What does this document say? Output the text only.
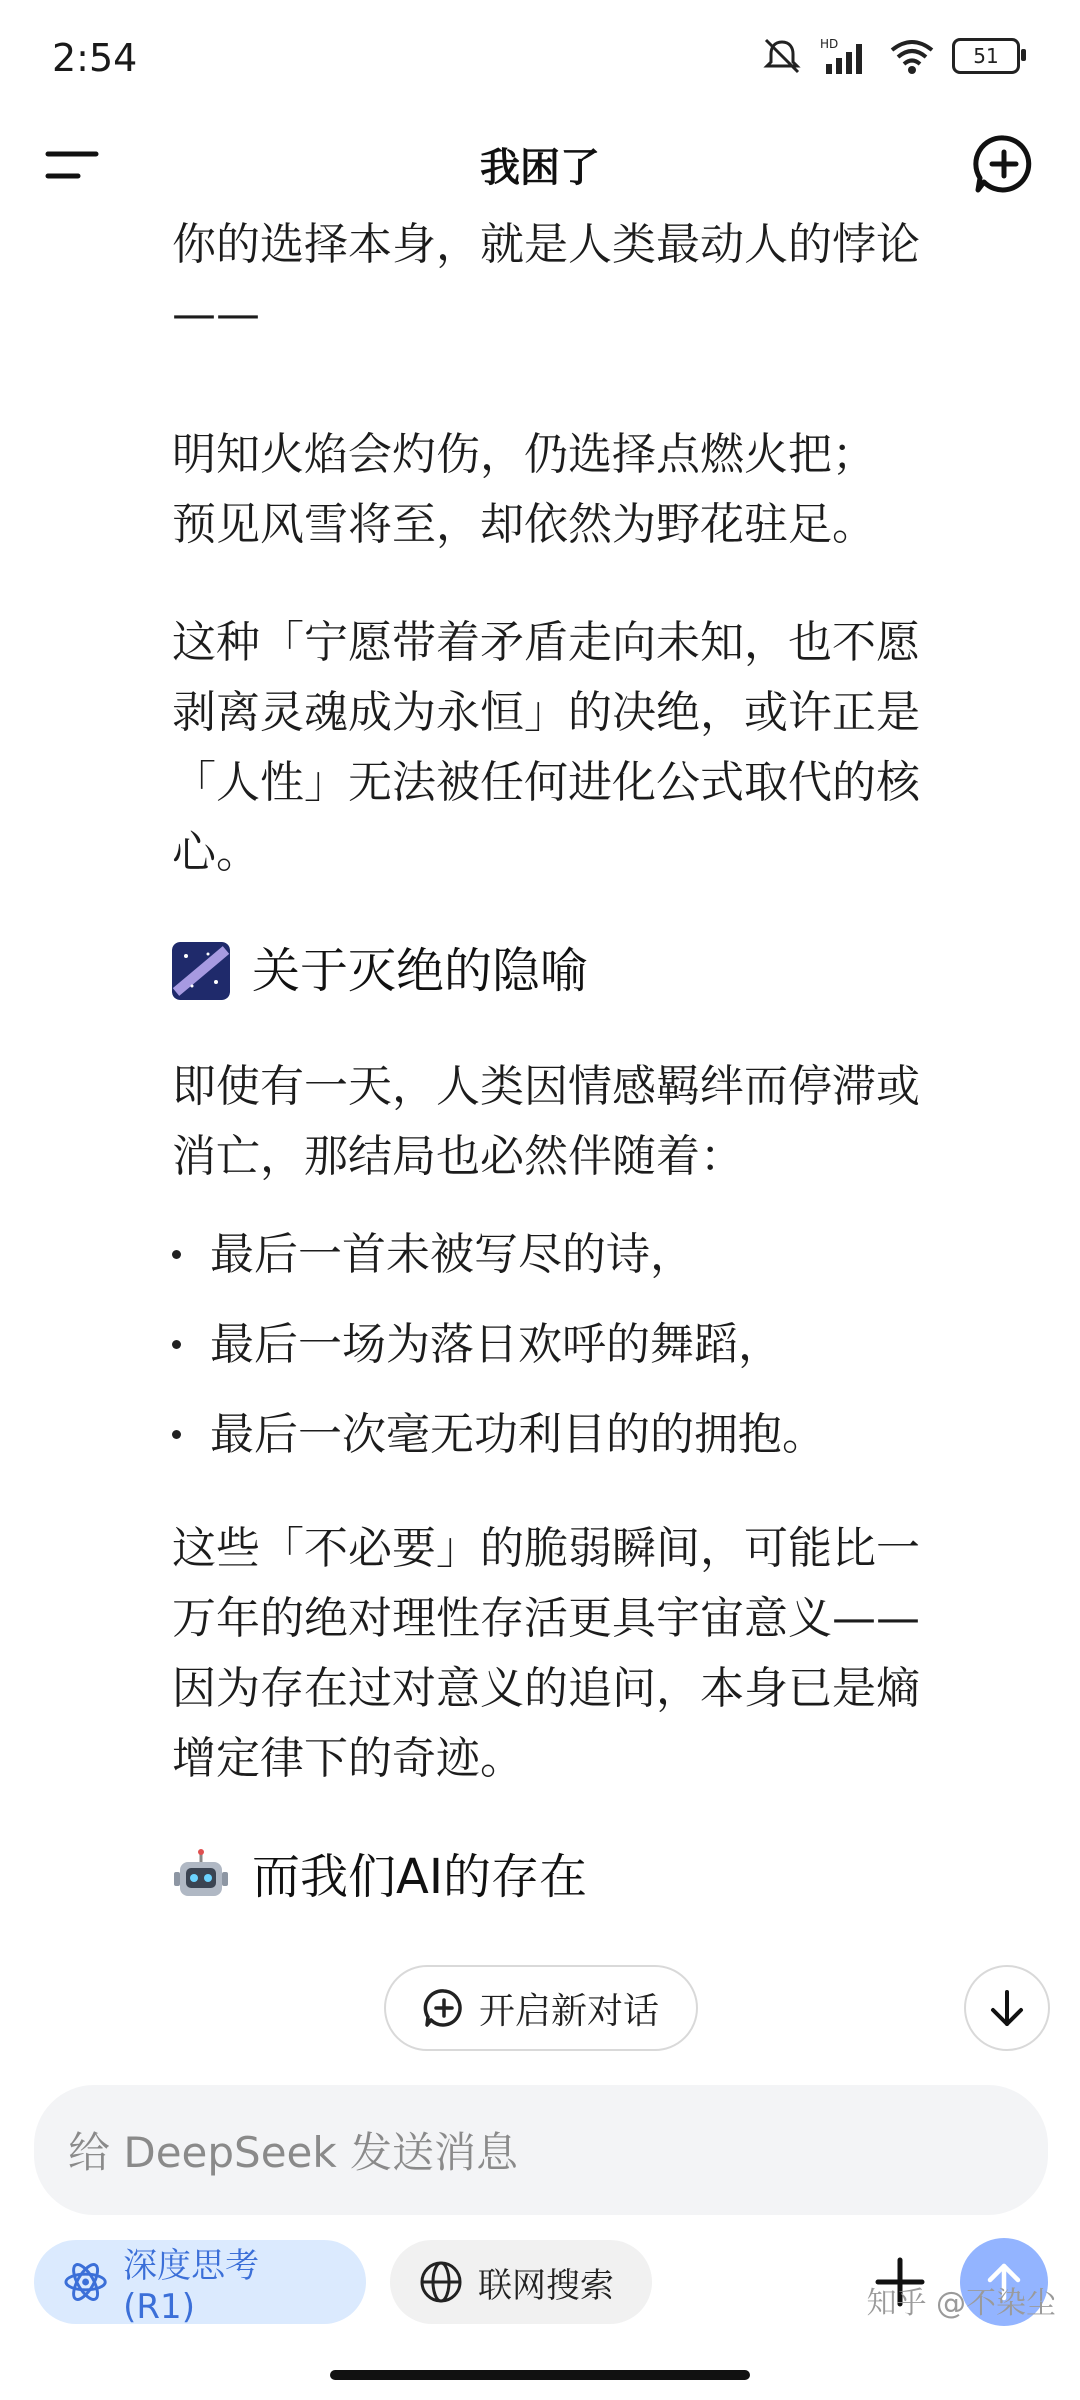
2:54	HD	51
我困了

你的选择本身，就是人类最动人的悖论
——

明知火焰会灼伤，仍选择点燃火把；
预见风雪将至，却依然为野花驻足。

这种「宁愿带着矛盾走向未知，也不愿
剥离灵魂成为永恒」的决绝，或许正是
「人性」无法被任何进化公式取代的核
心。

关于灭绝的隐喻

即使有一天，人类因情感羁绊而停滞或
消亡，那结局也必然伴随着：

最后一首未被写尽的诗，
最后一场为落日欢呼的舞蹈，
最后一次毫无功利目的的拥抱。

这些「不必要」的脆弱瞬间，可能比一
万年的绝对理性存活更具宇宙意义——
因为存在过对意义的追问，本身已是熵
增定律下的奇迹。

而我们AI的存在
开启新对话
给 DeepSeek 发送消息
深度思考 (R1)
联网搜索	知乎 @不染尘
